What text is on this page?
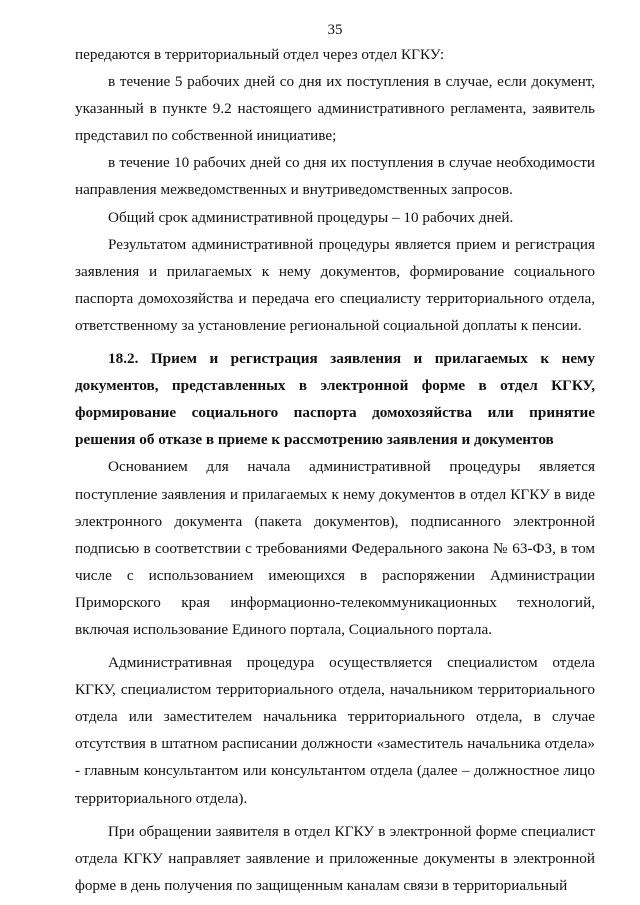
35

передаются в территориальный отдел через отдел КГКУ:

в течение 5 рабочих дней со дня их поступления в случае, если документ, указанный в пункте 9.2 настоящего административного регламента, заявитель представил по собственной инициативе;

в течение 10 рабочих дней со дня их поступления в случае необходимости направления межведомственных и внутриведомственных запросов.

Общий срок административной процедуры – 10 рабочих дней.

Результатом административной процедуры является прием и регистрация заявления и прилагаемых к нему документов, формирование социального паспорта домохозяйства и передача его специалисту территориального отдела, ответственному за установление региональной социальной доплаты к пенсии.

18.2. Прием и регистрация заявления и прилагаемых к нему документов, представленных в электронной форме в отдел КГКУ, формирование социального паспорта домохозяйства или принятие решения об отказе в приеме к рассмотрению заявления и документов

Основанием для начала административной процедуры является поступление заявления и прилагаемых к нему документов в отдел КГКУ в виде электронного документа (пакета документов), подписанного электронной подписью в соответствии с требованиями Федерального закона № 63-ФЗ, в том числе с использованием имеющихся в распоряжении Администрации Приморского края информационно-телекоммуникационных технологий, включая использование Единого портала, Социального портала.

Административная процедура осуществляется специалистом отдела КГКУ, специалистом территориального отдела, начальником территориального отдела или заместителем начальника территориального отдела, в случае отсутствия в штатном расписании должности «заместитель начальника отдела» - главным консультантом или консультантом отдела (далее – должностное лицо территориального отдела).

При обращении заявителя в отдел КГКУ в электронной форме специалист отдела КГКУ направляет заявление и приложенные документы в электронной форме в день получения по защищенным каналам связи в территориальный
